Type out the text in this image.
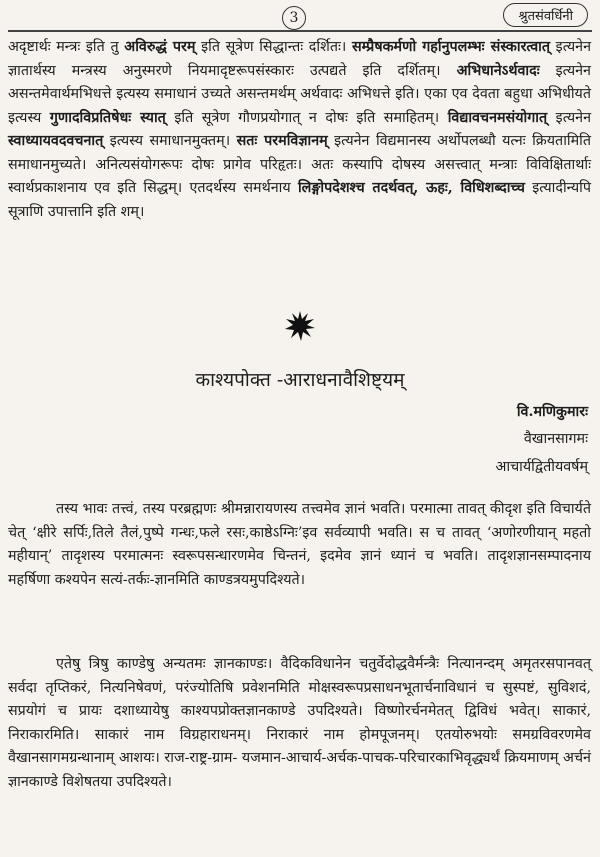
3	श्रुतसंवर्धिनी

अदृष्टार्थः मन्त्रः इति तु अविरुद्धं परम् इति सूत्रेण सिद्धान्तः दर्शितः। सम्प्रैषकर्मणो गर्हानुपलम्भः संस्कारत्वात् इत्यनेन ज्ञातार्थस्य मन्त्रस्य अनुस्मरणे नियमादृष्टरूपसंस्कारः उत्पद्यते इति दर्शितम्। अभिधानेऽर्थवादः इत्यनेन असन्तमेवार्थमभिधत्ते इत्यस्य समाधानं उच्यते असन्तमर्थम् अर्थवादः अभिधत्ते इति। एका एव देवता बहुधा अभिधीयते इत्यस्य गुणादविप्रतिषेधः स्यात् इति सूत्रेण गौणप्रयोगात् न दोषः इति समाहितम्। विद्यावचनमसंयोगात् इत्यनेन स्वाध्यायवदवचनात् इत्यस्य समाधानमुक्तम्। सतः परमविज्ञानम् इत्यनेन विद्यमानस्य अर्थोपलब्धौ यत्नः क्रियतामिति समाधानमुच्यते। अनित्यसंयोगरूपः दोषः प्रागेव परिहृतः। अतः कस्यापि दोषस्य असत्त्वात् मन्त्राः विविक्षितार्थाः स्वार्थप्रकाशनाय एव इति सिद्धम्। एतदर्थस्य समर्थनाय लिङ्गोपदेशश्च तदर्थवत्, ऊहः, विधिशब्दाच्च इत्यादीन्यपि सूत्राणि उपात्तानि इति शम्।

काश्यपोक्त -आराधनावैशिष्ट्यम्
वि.मणिकुमारः
वैखानसागमः
आचार्यद्वितीयवर्षम्

तस्य भावः तत्त्वं, तस्य परब्रह्मणः श्रीमन्नारायणस्य तत्त्वमेव ज्ञानं भवति। परमात्मा तावत् कीदृश इति विचार्यते चेत् ‘क्षीरे सर्पिः,तिले तैलं,पुष्पे गन्धः,फले रसः,काष्ठेऽग्निः’इव सर्वव्यापी भवति। स च तावत् ‘अणोरणीयान् महतो महीयान्’ तादृशस्य परमात्मनः स्वरूपसन्धारणमेव चिन्तनं, इदमेव ज्ञानं ध्यानं च भवति। तादृशज्ञानसम्पादनाय महर्षिणा कश्यपेन सत्यं-तर्कः-ज्ञानमिति काण्डत्रयमुपदिश्यते।

एतेषु त्रिषु काण्डेषु अन्यतमः ज्ञानकाण्डः। वैदिकविधानेन चतुर्वेदोद्धवैर्मन्त्रैः नित्यानन्दम् अमृतरसपानवत् सर्वदा तृप्तिकरं, नित्यनिषेवणं, परंज्योतिषि प्रवेशनमिति मोक्षस्वरूपप्रसाधनभूतार्चनाविधानं च सुस्पष्टं, सुविशदं, सप्रयोगं च प्रायः दशाध्यायेषु काश्यपप्रोक्तज्ञानकाण्डे उपदिश्यते। विष्णोरर्चनमेतत् द्विविधं भवेत्। साकारं, निराकारमिति। साकारं नाम विग्रहाराधनम्। निराकारं नाम होमपूजनम्। एतयोरुभयोः समग्रविवरणमेव वैखानसागमग्रन्थानाम् आशयः। राज-राष्ट्र-ग्राम- यजमान-आचार्य-अर्चक-पाचक-परिचारकाभिवृद्ध्यर्थं क्रियमाणम् अर्चनं ज्ञानकाण्डे विशेषतया उपदिश्यते।
